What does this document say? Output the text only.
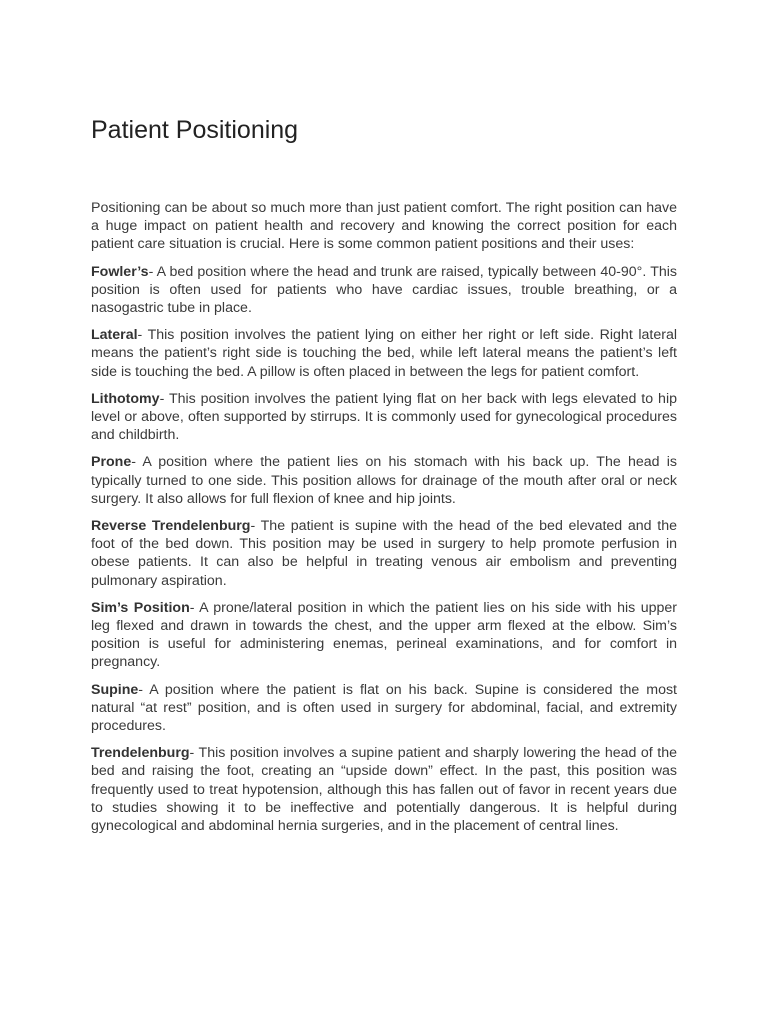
Patient Positioning

Positioning can be about so much more than just patient comfort. The right position can have a huge impact on patient health and recovery and knowing the correct position for each patient care situation is crucial. Here is some common patient positions and their uses:

Fowler’s- A bed position where the head and trunk are raised, typically between 40-90°. This position is often used for patients who have cardiac issues, trouble breathing, or a nasogastric tube in place.

Lateral- This position involves the patient lying on either her right or left side. Right lateral means the patient’s right side is touching the bed, while left lateral means the patient’s left side is touching the bed. A pillow is often placed in between the legs for patient comfort.

Lithotomy- This position involves the patient lying flat on her back with legs elevated to hip level or above, often supported by stirrups. It is commonly used for gynecological procedures and childbirth.

Prone- A position where the patient lies on his stomach with his back up. The head is typically turned to one side. This position allows for drainage of the mouth after oral or neck surgery. It also allows for full flexion of knee and hip joints.

Reverse Trendelenburg- The patient is supine with the head of the bed elevated and the foot of the bed down. This position may be used in surgery to help promote perfusion in obese patients. It can also be helpful in treating venous air embolism and preventing pulmonary aspiration.

Sim’s Position- A prone/lateral position in which the patient lies on his side with his upper leg flexed and drawn in towards the chest, and the upper arm flexed at the elbow. Sim’s position is useful for administering enemas, perineal examinations, and for comfort in pregnancy.

Supine- A position where the patient is flat on his back. Supine is considered the most natural “at rest” position, and is often used in surgery for abdominal, facial, and extremity procedures.

Trendelenburg- This position involves a supine patient and sharply lowering the head of the bed and raising the foot, creating an “upside down” effect. In the past, this position was frequently used to treat hypotension, although this has fallen out of favor in recent years due to studies showing it to be ineffective and potentially dangerous. It is helpful during gynecological and abdominal hernia surgeries, and in the placement of central lines.
